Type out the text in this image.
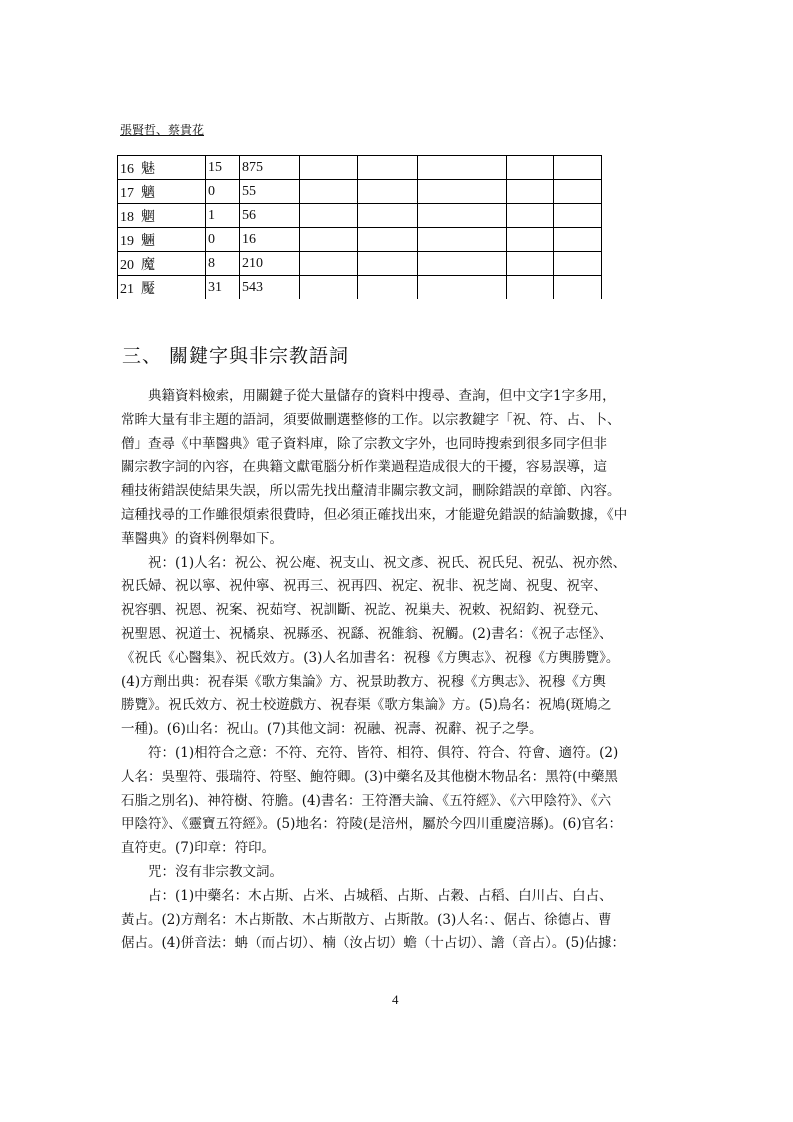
張賢哲、蔡貴花
16  魅	15	875					
17  魑	0	55					
18  魍	1	56					
19  魎	0	16					
20  魔	8	210					
21  魘	31	543					
三、 關鍵字與非宗教語詞
典籍資料檢索，用關鍵子從大量儲存的資料中搜尋、查詢，但中文字1字多用，
常眸大量有非主題的語詞，須要做刪選整修的工作。以宗教鍵字「祝、符、占、卜、
僧」查尋《中華醫典》電子資料庫，除了宗教文字外，也同時搜索到很多同字但非
關宗教字詞的內容，在典籍文獻電腦分析作業過程造成很大的干擾，容易誤導，這
種技術錯誤使結果失誤，所以需先找出釐清非關宗教文詞，刪除錯誤的章節、內容。
這種找尋的工作雖很煩索很費時，但必須正確找出來，才能避免錯誤的結論數據，《中
華醫典》的資料例舉如下。
祝：(1)人名：祝公、祝公庵、祝支山、祝文彥、祝氏、祝氏兒、祝弘、祝亦然、
祝氏婦、祝以寧、祝仲寧、祝再三、祝再四、祝定、祝非、祝芝崗、祝叟、祝宰、
祝容驷、祝恩、祝案、祝茹穹、祝訓斷、祝訖、祝巢夫、祝敕、祝紹鈞、祝登元、
祝聖恩、祝道士、祝橘泉、祝縣丞、祝繇、祝雒翁、祝觸。(2)書名：《祝子志怪》、
《祝氏《心醫集》、祝氏效方。(3)人名加書名：祝穆《方輿志》、祝穆《方輿勝覽》。
(4)方劑出典：祝春渠《歌方集論》方、祝景助教方、祝穆《方輿志》、祝穆《方輿
勝覽》。祝氏效方、祝士校遊戲方、祝春渠《歌方集論》方。(5)鳥名：祝鳩(斑鳩之
一種)。(6)山名：祝山。(7)其他文詞：祝融、祝壽、祝辭、祝子之學。
符：(1)相符合之意：不符、充符、皆符、相符、俱符、符合、符會、適符。(2)
人名：吳聖符、張瑞符、符堅、鮑符卿。(3)中藥名及其他樹木物品名：黑符(中藥黑
石脂之別名)、神符樹、符膽。(4)書名：王符潛夫論、《五符經》、《六甲陰符》、《六
甲陰符》、《靈寶五符經》。(5)地名：符陵(是涪州，屬於今四川重慶涪縣)。(6)官名：
直符吏。(7)印章：符印。
咒：沒有非宗教文詞。
占：(1)中藥名：木占斯、占米、占城稻、占斯、占穀、占稻、白川占、白占、
黃占。(2)方劑名：木占斯散、木占斯散方、占斯散。(3)人名：、倨占、徐德占、曹
倨占。(4)併音法：蚺（而占切）、楠（汝占切）蟾（十占切）、譫（音占）。(5)佔據：
4
